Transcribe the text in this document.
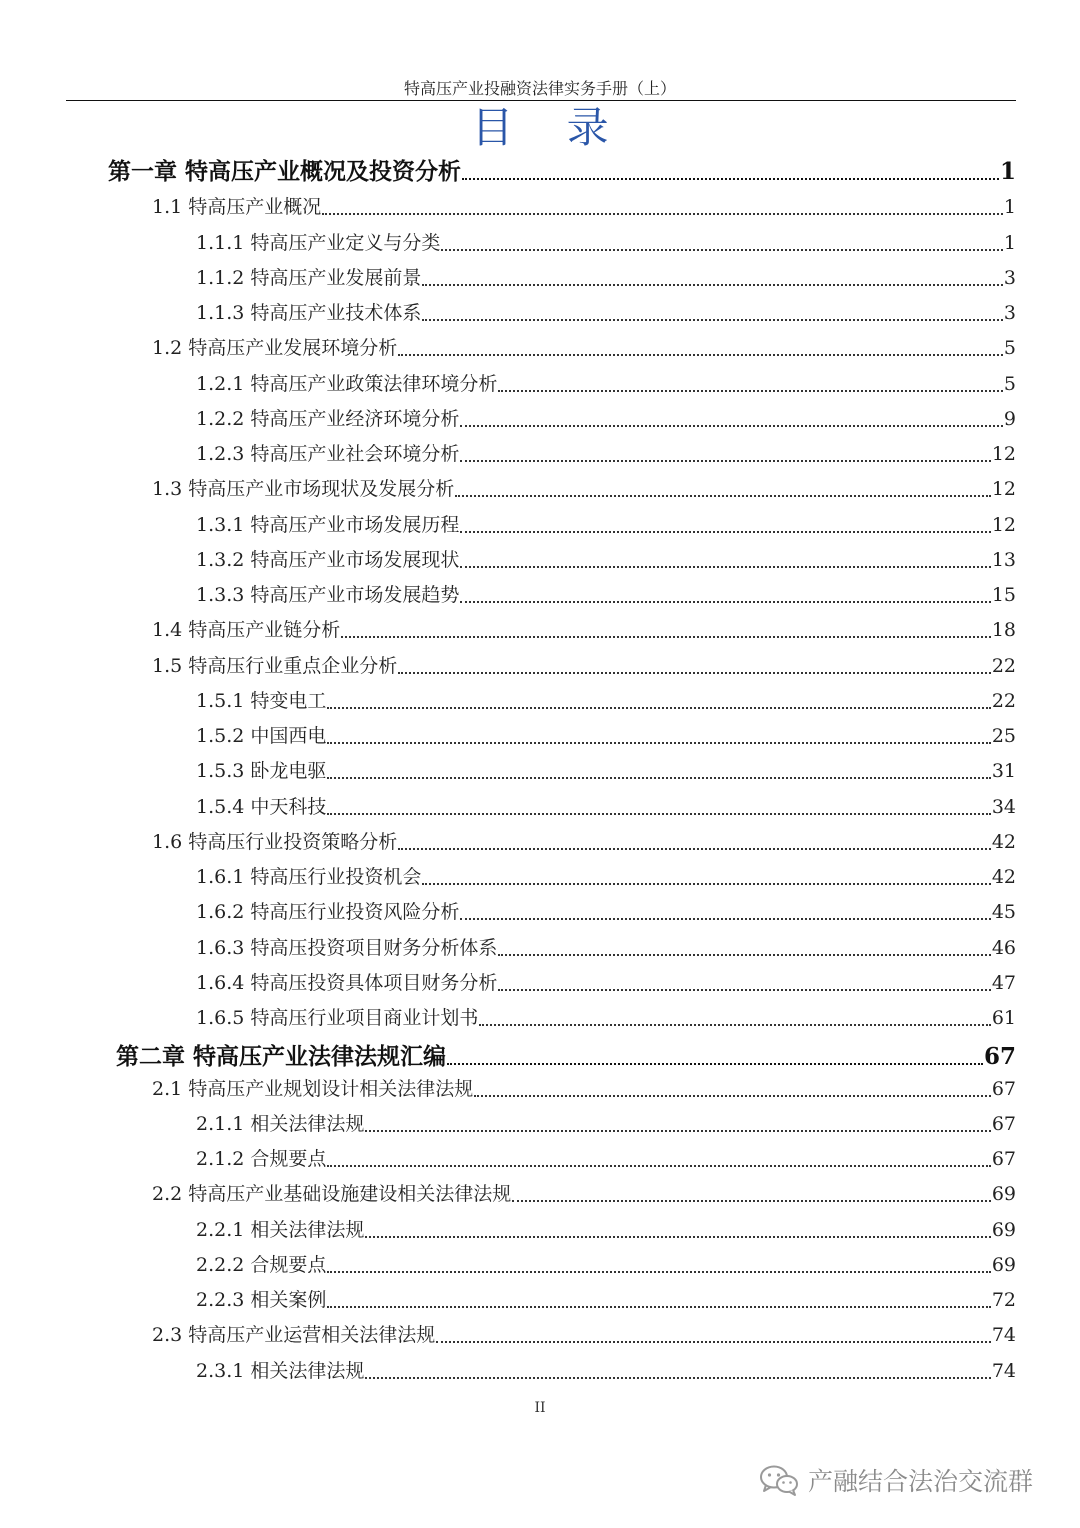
特高压产业投融资法律实务手册（上）
目 录
第一章 特高压产业概况及投资分析	1
1.1 特高压产业概况	1
1.1.1 特高压产业定义与分类	1
1.1.2 特高压产业发展前景	3
1.1.3 特高压产业技术体系	3
1.2 特高压产业发展环境分析	5
1.2.1 特高压产业政策法律环境分析	5
1.2.2 特高压产业经济环境分析	9
1.2.3 特高压产业社会环境分析	12
1.3 特高压产业市场现状及发展分析	12
1.3.1 特高压产业市场发展历程	12
1.3.2 特高压产业市场发展现状	13
1.3.3 特高压产业市场发展趋势	15
1.4 特高压产业链分析	18
1.5 特高压行业重点企业分析	22
1.5.1 特变电工	22
1.5.2 中国西电	25
1.5.3 卧龙电驱	31
1.5.4 中天科技	34
1.6 特高压行业投资策略分析	42
1.6.1 特高压行业投资机会	42
1.6.2 特高压行业投资风险分析	45
1.6.3 特高压投资项目财务分析体系	46
1.6.4 特高压投资具体项目财务分析	47
1.6.5 特高压行业项目商业计划书	61
第二章 特高压产业法律法规汇编	67
2.1 特高压产业规划设计相关法律法规	67
2.1.1 相关法律法规	67
2.1.2 合规要点	67
2.2 特高压产业基础设施建设相关法律法规	69
2.2.1 相关法律法规	69
2.2.2 合规要点	69
2.2.3 相关案例	72
2.3 特高压产业运营相关法律法规	74
2.3.1 相关法律法规	74
II
产融结合法治交流群
